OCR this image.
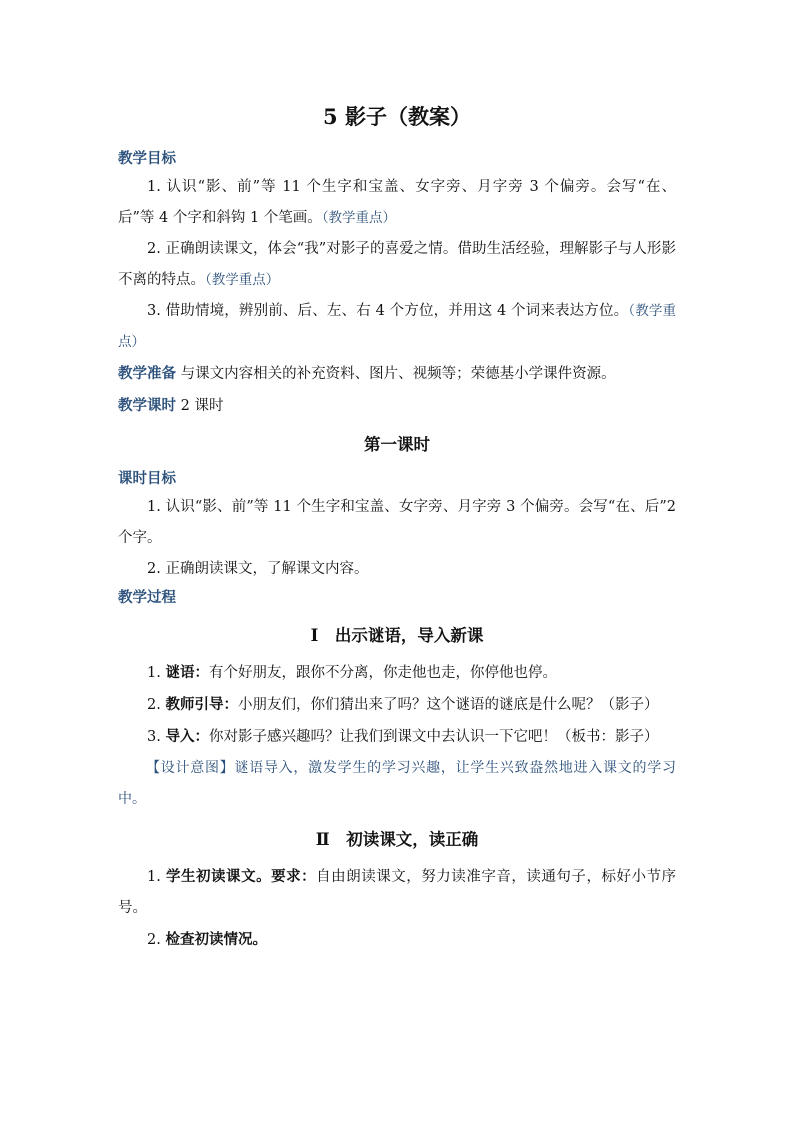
5 影子（教案）

教学目标

1. 认识“影、前”等 11 个生字和宝盖、女字旁、月字旁 3 个偏旁。会写“在、后”等 4 个字和斜钩 1 个笔画。（教学重点）

2. 正确朗读课文，体会“我”对影子的喜爱之情。借助生活经验，理解影子与人形影不离的特点。（教学重点）

3. 借助情境，辨别前、后、左、右 4 个方位，并用这 4 个词来表达方位。（教学重点）

教学准备 与课文内容相关的补充资料、图片、视频等；荣德基小学课件资源。

教学课时 2 课时

第一课时

课时目标

1. 认识“影、前”等 11 个生字和宝盖、女字旁、月字旁 3 个偏旁。会写“在、后”2 个字。

2. 正确朗读课文，了解课文内容。

教学过程

Ⅰ　出示谜语，导入新课

1. 谜语：有个好朋友，跟你不分离，你走他也走，你停他也停。

2. 教师引导：小朋友们，你们猜出来了吗？这个谜语的谜底是什么呢？（影子）

3. 导入：你对影子感兴趣吗？让我们到课文中去认识一下它吧！（板书：影子）

【设计意图】谜语导入，激发学生的学习兴趣，让学生兴致盎然地进入课文的学习中。

Ⅱ　初读课文，读正确

1. 学生初读课文。要求：自由朗读课文，努力读准字音，读通句子，标好小节序号。

2. 检查初读情况。
